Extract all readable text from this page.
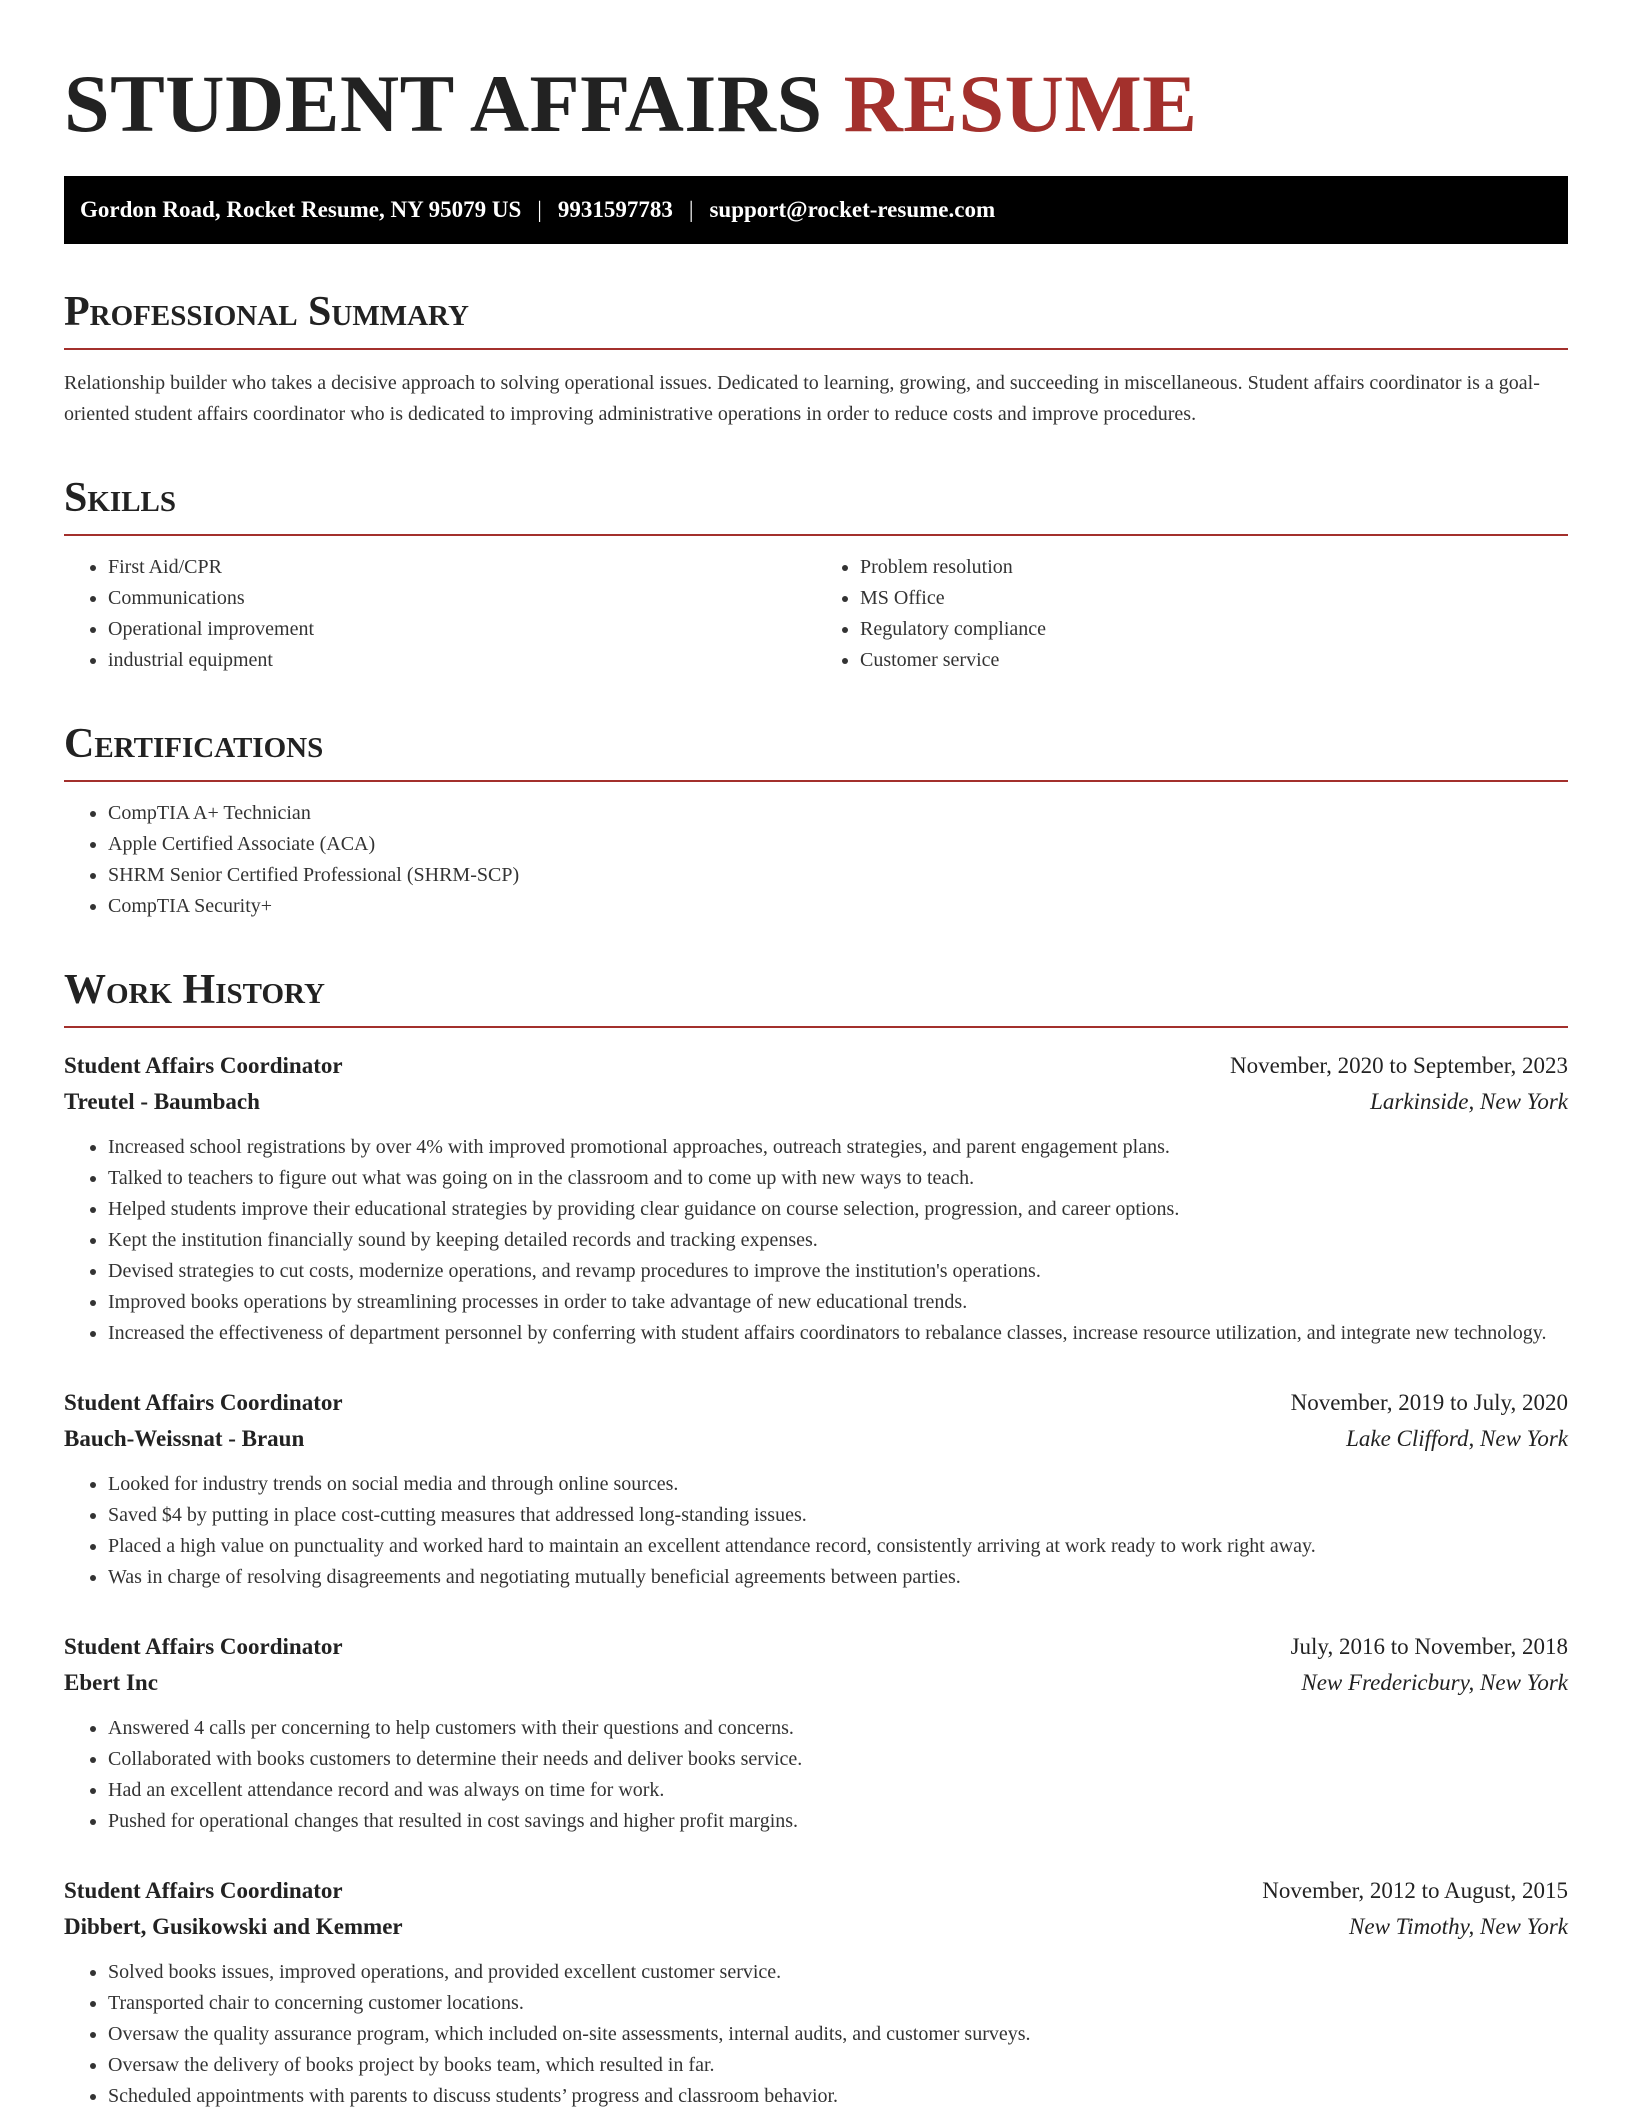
STUDENT AFFAIRS RESUME
Gordon Road, Rocket Resume, NY 95079 US | 9931597783 | support@rocket-resume.com
Professional Summary

Relationship builder who takes a decisive approach to solving operational issues. Dedicated to learning, growing, and succeeding in miscellaneous. Student affairs coordinator is a goal-oriented student affairs coordinator who is dedicated to improving administrative operations in order to reduce costs and improve procedures.

Skills
• First Aid/CPR
• Communications
• Operational improvement
• industrial equipment
• Problem resolution
• MS Office
• Regulatory compliance
• Customer service
Certifications
• CompTIA A+ Technician
• Apple Certified Associate (ACA)
• SHRM Senior Certified Professional (SHRM-SCP)
• CompTIA Security+
Work History
Student Affairs Coordinator	November, 2020 to September, 2023
Treutel - Baumbach	Larkinside, New York
• Increased school registrations by over 4% with improved promotional approaches, outreach strategies, and parent engagement plans.
• Talked to teachers to figure out what was going on in the classroom and to come up with new ways to teach.
• Helped students improve their educational strategies by providing clear guidance on course selection, progression, and career options.
• Kept the institution financially sound by keeping detailed records and tracking expenses.
• Devised strategies to cut costs, modernize operations, and revamp procedures to improve the institution's operations.
• Improved books operations by streamlining processes in order to take advantage of new educational trends.
• Increased the effectiveness of department personnel by conferring with student affairs coordinators to rebalance classes, increase resource utilization, and integrate new technology.
Student Affairs Coordinator	November, 2019 to July, 2020
Bauch-Weissnat - Braun	Lake Clifford, New York
• Looked for industry trends on social media and through online sources.
• Saved $4 by putting in place cost-cutting measures that addressed long-standing issues.
• Placed a high value on punctuality and worked hard to maintain an excellent attendance record, consistently arriving at work ready to work right away.
• Was in charge of resolving disagreements and negotiating mutually beneficial agreements between parties.
Student Affairs Coordinator	July, 2016 to November, 2018
Ebert Inc	New Fredericbury, New York
• Answered 4 calls per concerning to help customers with their questions and concerns.
• Collaborated with books customers to determine their needs and deliver books service.
• Had an excellent attendance record and was always on time for work.
• Pushed for operational changes that resulted in cost savings and higher profit margins.
Student Affairs Coordinator	November, 2012 to August, 2015
Dibbert, Gusikowski and Kemmer	New Timothy, New York
• Solved books issues, improved operations, and provided excellent customer service.
• Transported chair to concerning customer locations.
• Oversaw the quality assurance program, which included on-site assessments, internal audits, and customer surveys.
• Oversaw the delivery of books project by books team, which resulted in far.
• Scheduled appointments with parents to discuss students’ progress and classroom behavior.
